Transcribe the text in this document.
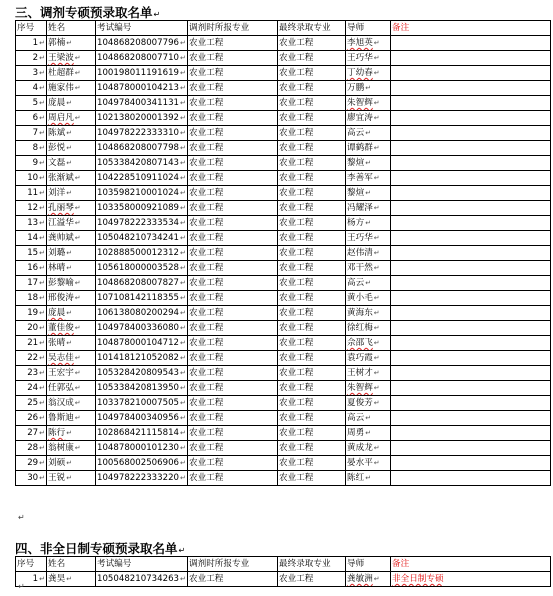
三、调剂专硕预录取名单↵
序号	姓名	考试编号	调剂时所报专业	最终录取专业	导师	备注
1↵	郭楠↵	104868208007796↵	农业工程	农业工程	李旭英↵	
2↵	王梁波↵	104868208007710↵	农业工程	农业工程	王巧华↵	
3↵	杜超群↵	100198011191619↵	农业工程	农业工程	丁幼春↵	
4↵	施家伟↵	104878000104213↵	农业工程	农业工程	万鹏↵	
5↵	庞晨↵	104978400341131↵	农业工程	农业工程	朱智辉↵	
6↵	周启凡↵	102138020001392↵	农业工程	农业工程	廖宜涛↵	
7↵	陈斌↵	104978222333310↵	农业工程	农业工程	高云↵	
8↵	彭悦↵	104868208007798↵	农业工程	农业工程	谭鹤群↵	
9↵	文磊↵	105338420807143↵	农业工程	农业工程	黎煊↵	
10↵	张渐斌↵	104228510911024↵	农业工程	农业工程	李善军↵	
11↵	刘洋↵	103598210001024↵	农业工程	农业工程	黎煊↵	
12↵	孔丽琴↵	103358000921089↵	农业工程	农业工程	冯耀泽↵	
13↵	江溢华↵	104978222333534↵	农业工程	农业工程	杨方↵	
14↵	龚帅斌↵	105048210734241↵	农业工程	农业工程	王巧华↵	
15↵	刘璐↵	102888500012312↵	农业工程	农业工程	赵伟清↵	
16↵	林晴↵	105618000003528↵	农业工程	农业工程	邓干然↵	
17↵	彭黎喻↵	104868208007827↵	农业工程	农业工程	高云↵	
18↵	邢俊涛↵	107108142118355↵	农业工程	农业工程	黄小毛↵	
19↵	庞晨↵	106138080200294↵	农业工程	农业工程	黄海东↵	
20↵	董佳俊↵	104978400336080↵	农业工程	农业工程	徐红梅↵	
21↵	张晴↵	104878000104712↵	农业工程	农业工程	佘邵飞↵	
22↵	吴志佳↵	101418121052082↵	农业工程	农业工程	袁巧霞↵	
23↵	王宏宇↵	105328420809543↵	农业工程	农业工程	王树才↵	
24↵	任郭弘↵	105338420813950↵	农业工程	农业工程	朱智辉↵	
25↵	翁汉成↵	103378210007505↵	农业工程	农业工程	夏俊芳↵	
26↵	鲁斯迪↵	104978400340956↵	农业工程	农业工程	高云↵	
27↵	陈行↵	102868421115814↵	农业工程	农业工程	周勇↵	
28↵	翁树康↵	104878000101230↵	农业工程	农业工程	黄成龙↵	
29↵	刘硕↵	100568002506906↵	农业工程	农业工程	晏水平↵	
30↵	王锐↵	104978222333220↵	农业工程	农业工程	陈红↵	
↵
四、非全日制专硕预录取名单↵
序号	姓名	考试编号	调剂时所报专业	最终录取专业	导师	备注
1↵	龚昊↵	105048210734263↵	农业工程	农业工程	龚敏洲↵	非全日制专硕
↵
